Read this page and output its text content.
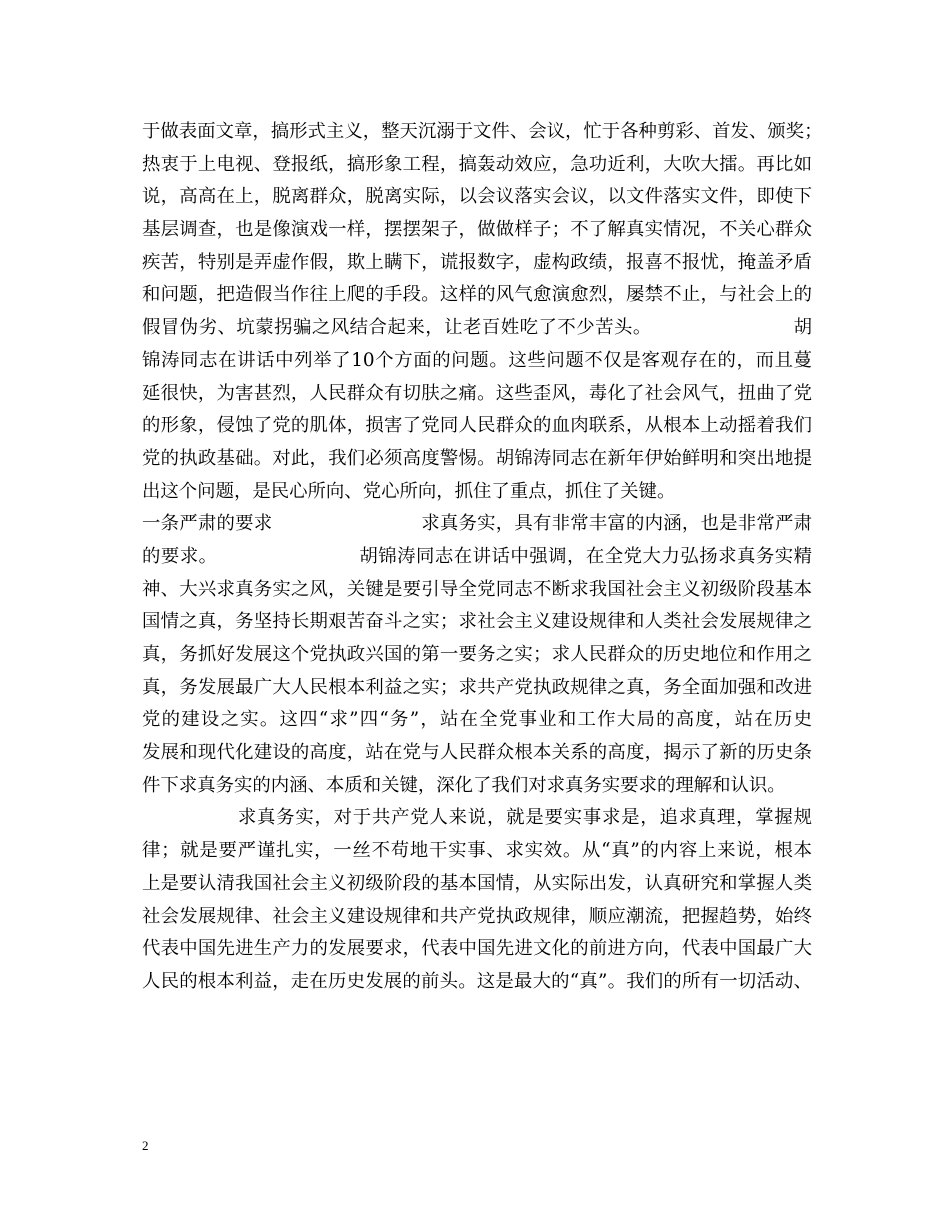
于做表面文章，搞形式主义，整天沉溺于文件、会议，忙于各种剪彩、首发、颁奖；
热衷于上电视、登报纸，搞形象工程，搞轰动效应，急功近利，大吹大擂。再比如
说，高高在上，脱离群众，脱离实际，以会议落实会议，以文件落实文件，即使下
基层调查，也是像演戏一样，摆摆架子，做做样子；不了解真实情况，不关心群众
疾苦，特别是弄虚作假，欺上瞒下，谎报数字，虚构政绩，报喜不报忧，掩盖矛盾
和问题，把造假当作往上爬的手段。这样的风气愈演愈烈，屡禁不止，与社会上的
假冒伪劣、坑蒙拐骗之风结合起来，让老百姓吃了不少苦头。　　　　　　　　胡
锦涛同志在讲话中列举了10个方面的问题。这些问题不仅是客观存在的，而且蔓
延很快，为害甚烈，人民群众有切肤之痛。这些歪风，毒化了社会风气，扭曲了党
的形象，侵蚀了党的肌体，损害了党同人民群众的血肉联系，从根本上动摇着我们
党的执政基础。对此，我们必须高度警惕。胡锦涛同志在新年伊始鲜明和突出地提
出这个问题，是民心所向、党心所向，抓住了重点，抓住了关键。
一条严肃的要求　　　　　　　　求真务实，具有非常丰富的内涵，也是非常严肃
的要求。　　　　　　　　胡锦涛同志在讲话中强调，在全党大力弘扬求真务实精
神、大兴求真务实之风，关键是要引导全党同志不断求我国社会主义初级阶段基本
国情之真，务坚持长期艰苦奋斗之实；求社会主义建设规律和人类社会发展规律之
真，务抓好发展这个党执政兴国的第一要务之实；求人民群众的历史地位和作用之
真，务发展最广大人民根本利益之实；求共产党执政规律之真，务全面加强和改进
党的建设之实。这四“求”四“务”，站在全党事业和工作大局的高度，站在历史
发展和现代化建设的高度，站在党与人民群众根本关系的高度，揭示了新的历史条
件下求真务实的内涵、本质和关键，深化了我们对求真务实要求的理解和认识。
　　　　　求真务实，对于共产党人来说，就是要实事求是，追求真理，掌握规
律；就是要严谨扎实，一丝不苟地干实事、求实效。从“真”的内容上来说，根本
上是要认清我国社会主义初级阶段的基本国情，从实际出发，认真研究和掌握人类
社会发展规律、社会主义建设规律和共产党执政规律，顺应潮流，把握趋势，始终
代表中国先进生产力的发展要求，代表中国先进文化的前进方向，代表中国最广大
人民的根本利益，走在历史发展的前头。这是最大的“真”。我们的所有一切活动、
2
